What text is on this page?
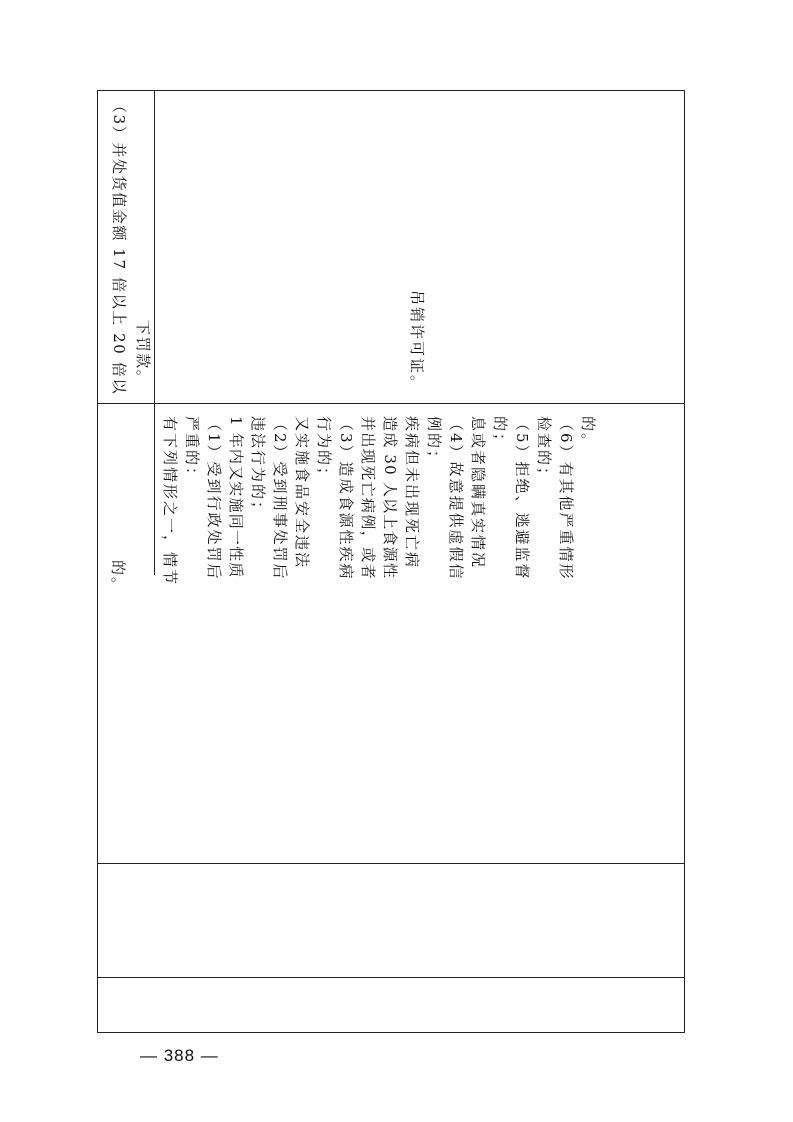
（3）并处货值金额 17 倍以上 20 倍以 下罚款。	吊销许可证。
的。 有下列情形之一，情节 严重的： （1）受到行政处罚后 1 年内又实施同一性质 违法行为的； （2）受到刑事处罚后 又实施食品安全违法 行为的； （3）造成食源性疾病 并出现死亡病例，或者 造成 30 人以上食源性 疾病但未出现死亡病 例的； （4）故意提供虚假信 息或者隐瞒真实情况 的； （5）拒绝、逃避监督 检查的； （6）有其他严重情形 的。
— 388 —
